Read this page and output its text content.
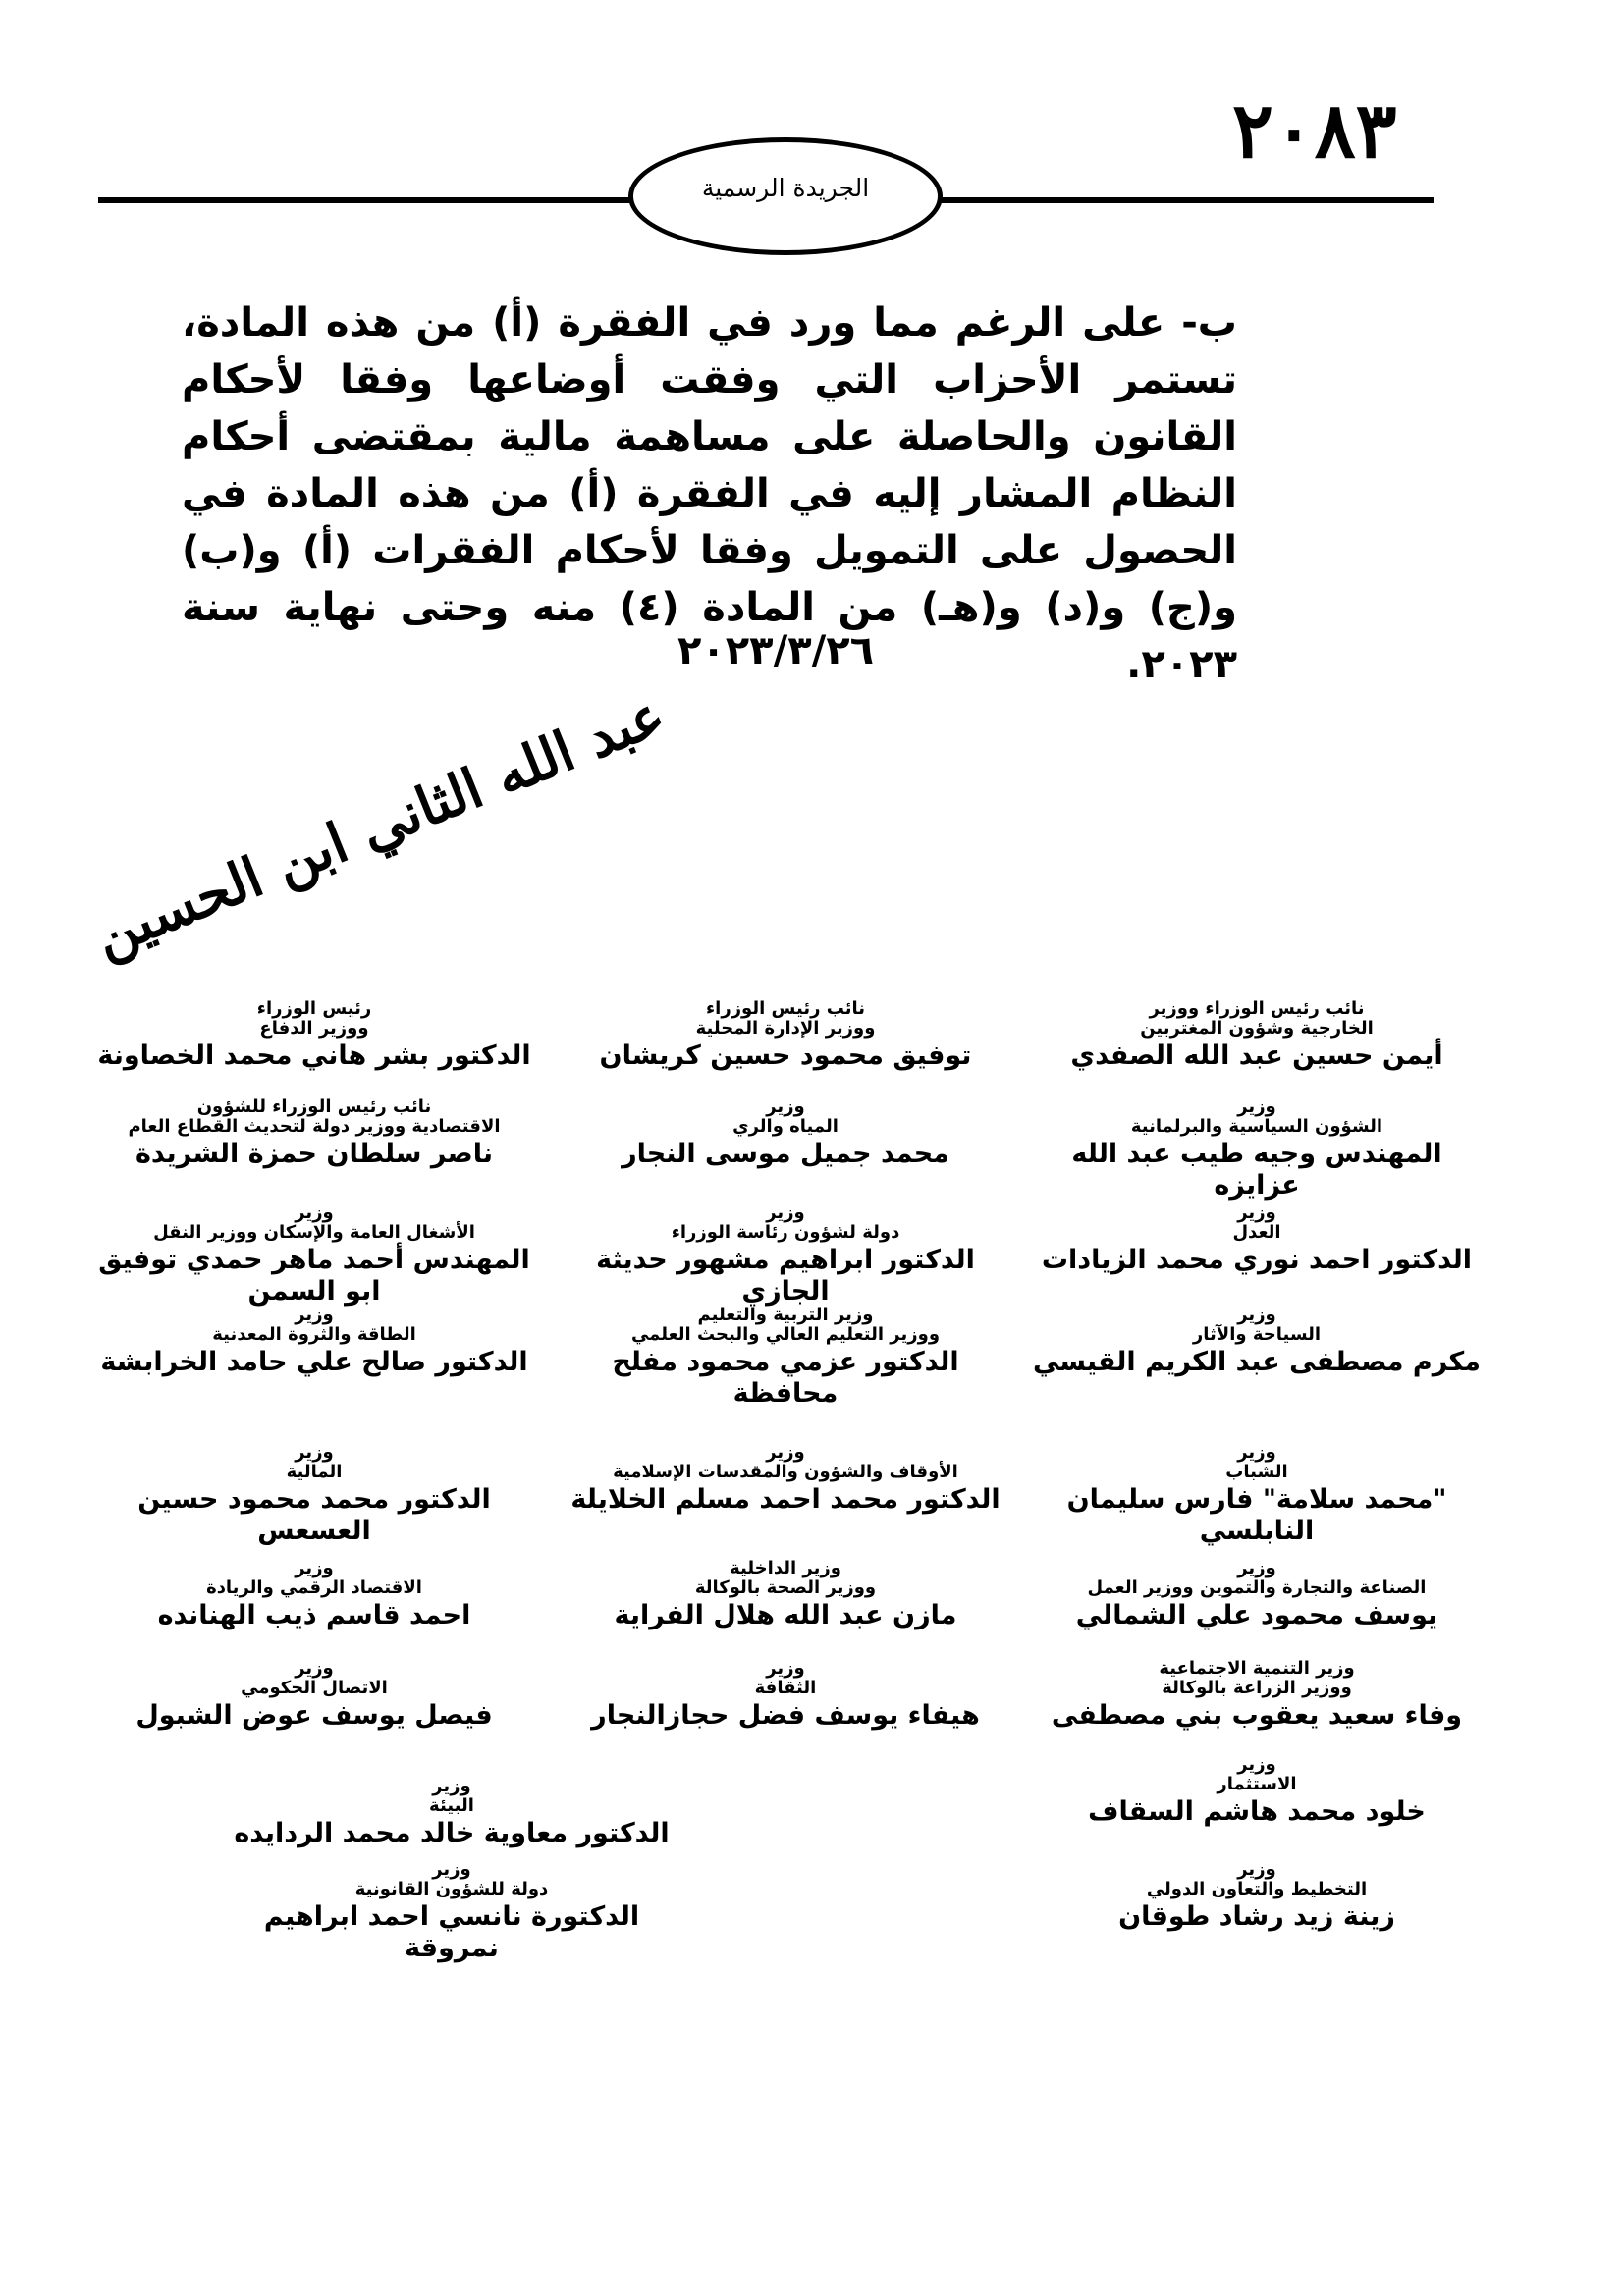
٢٠٨٣
الجريدة الرسمية
ب- على الرغم مما ورد في الفقرة (أ) من هذه المادة، تستمر الأحزاب التي وفقت أوضاعها وفقا لأحكام القانون والحاصلة على مساهمة مالية بمقتضى أحكام النظام المشار إليه في الفقرة (أ) من هذه المادة في الحصول على التمويل وفقا لأحكام الفقرات (أ) و(ب) و(ج) و(د) و(هـ) من المادة (٤) منه وحتى نهاية سنة ٢٠٢٣.
٢٠٢٣/٣/٢٦
عبد الله الثاني ابن الحسين
رئيس الوزراء
ووزير الدفاع
الدكتور بشر هاني محمد الخصاونة
نائب رئيس الوزراء
ووزير الإدارة المحلية
توفيق محمود حسين كريشان
نائب رئيس الوزراء ووزير
الخارجية وشؤون المغتربين
أيمن حسين عبد الله الصفدي
نائب رئيس الوزراء للشؤون
الاقتصادية ووزير دولة لتحديث القطاع العام
ناصر سلطان حمزة الشريدة
وزير
المياه والري
محمد جميل موسى النجار
وزير
الشؤون السياسية والبرلمانية
المهندس وجيه طيب عبد الله عزايزه
وزير
الأشغال العامة والإسكان ووزير النقل
المهندس أحمد ماهر حمدي توفيق ابو السمن
وزير
دولة لشؤون رئاسة الوزراء
الدكتور ابراهيم مشهور حديثة الجازي
وزير
العدل
الدكتور احمد نوري محمد الزيادات
وزير
الطاقة والثروة المعدنية
الدكتور صالح علي حامد الخرابشة
وزير التربية والتعليم
ووزير التعليم العالي والبحث العلمي
الدكتور عزمي محمود مفلح محافظة
وزير
السياحة والآثار
مكرم مصطفى عبد الكريم القيسي
وزير
المالية
الدكتور محمد محمود حسين العسعس
وزير
الأوقاف والشؤون والمقدسات الإسلامية
الدكتور محمد احمد مسلم الخلايلة
وزير
الشباب
"محمد سلامة" فارس سليمان النابلسي
وزير
الاقتصاد الرقمي والريادة
احمد قاسم ذيب الهنانده
وزير الداخلية
ووزير الصحة بالوكالة
مازن عبد الله هلال الفراية
وزير
الصناعة والتجارة والتموين ووزير العمل
يوسف محمود علي الشمالي
وزير
الاتصال الحكومي
فيصل يوسف عوض الشبول
وزير
الثقافة
هيفاء يوسف فضل حجازالنجار
وزير التنمية الاجتماعية
ووزير الزراعة بالوكالة
وفاء سعيد يعقوب بني مصطفى
وزير
الاستثمار
خلود محمد هاشم السقاف
وزير
البيئة
الدكتور معاوية خالد محمد الردايده
وزير
دولة للشؤون القانونية
الدكتورة نانسي احمد ابراهيم نمروقة
وزير
التخطيط والتعاون الدولي
زينة زيد رشاد طوقان
